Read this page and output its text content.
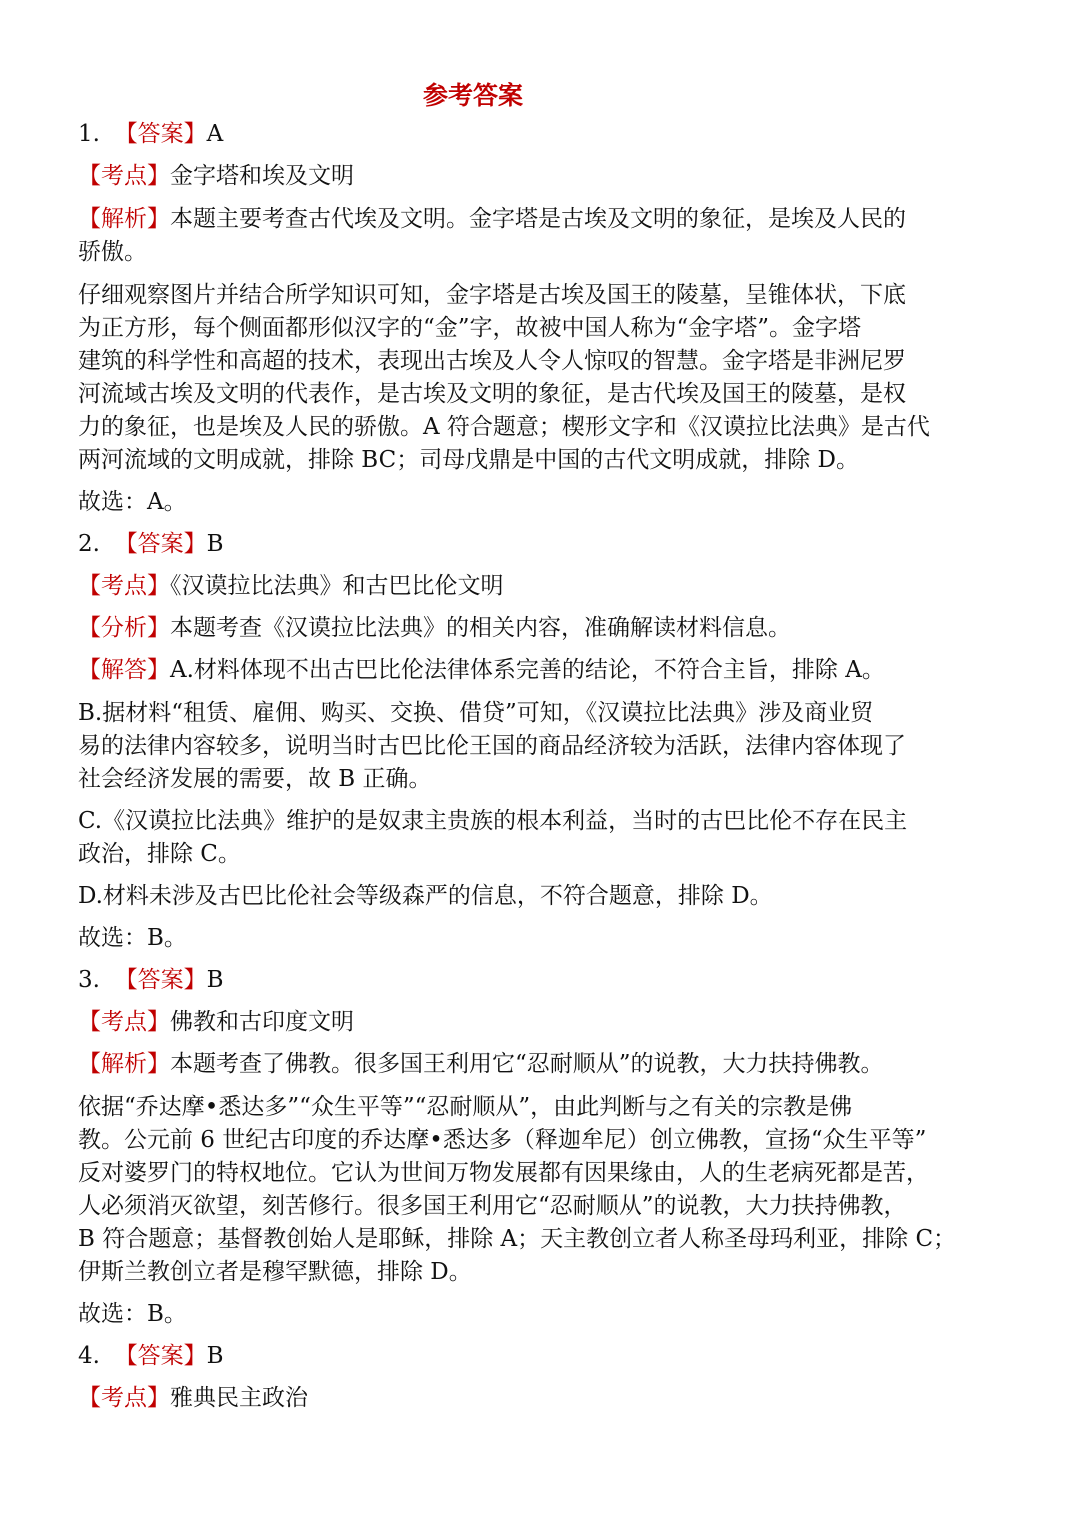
参考答案
1.  【答案】A
【考点】金字塔和埃及文明
【解析】本题主要考查古代埃及文明。金字塔是古埃及文明的象征，是埃及人民的
骄傲。
仔细观察图片并结合所学知识可知，金字塔是古埃及国王的陵墓，呈锥体状，下底
为正方形，每个侧面都形似汉字的“金”字，故被中国人称为“金字塔”。金字塔
建筑的科学性和高超的技术，表现出古埃及人令人惊叹的智慧。金字塔是非洲尼罗
河流域古埃及文明的代表作，是古埃及文明的象征，是古代埃及国王的陵墓，是权
力的象征，也是埃及人民的骄傲。A 符合题意；楔形文字和《汉谟拉比法典》是古代
两河流域的文明成就，排除 BC；司母戊鼎是中国的古代文明成就，排除 D。
故选：A。
2.  【答案】B
【考点】《汉谟拉比法典》和古巴比伦文明
【分析】本题考查《汉谟拉比法典》的相关内容，准确解读材料信息。
【解答】A.材料体现不出古巴比伦法律体系完善的结论，不符合主旨，排除 A。
B.据材料“租赁、雇佣、购买、交换、借贷”可知，《汉谟拉比法典》涉及商业贸
易的法律内容较多，说明当时古巴比伦王国的商品经济较为活跃，法律内容体现了
社会经济发展的需要，故 B 正确。
C.《汉谟拉比法典》维护的是奴隶主贵族的根本利益，当时的古巴比伦不存在民主
政治，排除 C。
D.材料未涉及古巴比伦社会等级森严的信息，不符合题意，排除 D。
故选：B。
3.  【答案】B
【考点】佛教和古印度文明
【解析】本题考查了佛教。很多国王利用它“忍耐顺从”的说教，大力扶持佛教。
依据“乔达摩•悉达多”“众生平等”“忍耐顺从”，由此判断与之有关的宗教是佛
教。公元前 6 世纪古印度的乔达摩•悉达多（释迦牟尼）创立佛教，宣扬“众生平等”
反对婆罗门的特权地位。它认为世间万物发展都有因果缘由，人的生老病死都是苦，
人必须消灭欲望，刻苦修行。很多国王利用它“忍耐顺从”的说教，大力扶持佛教，
B 符合题意；基督教创始人是耶稣，排除 A；天主教创立者人称圣母玛利亚，排除 C；
伊斯兰教创立者是穆罕默德，排除 D。
故选：B。
4.  【答案】B
【考点】雅典民主政治
